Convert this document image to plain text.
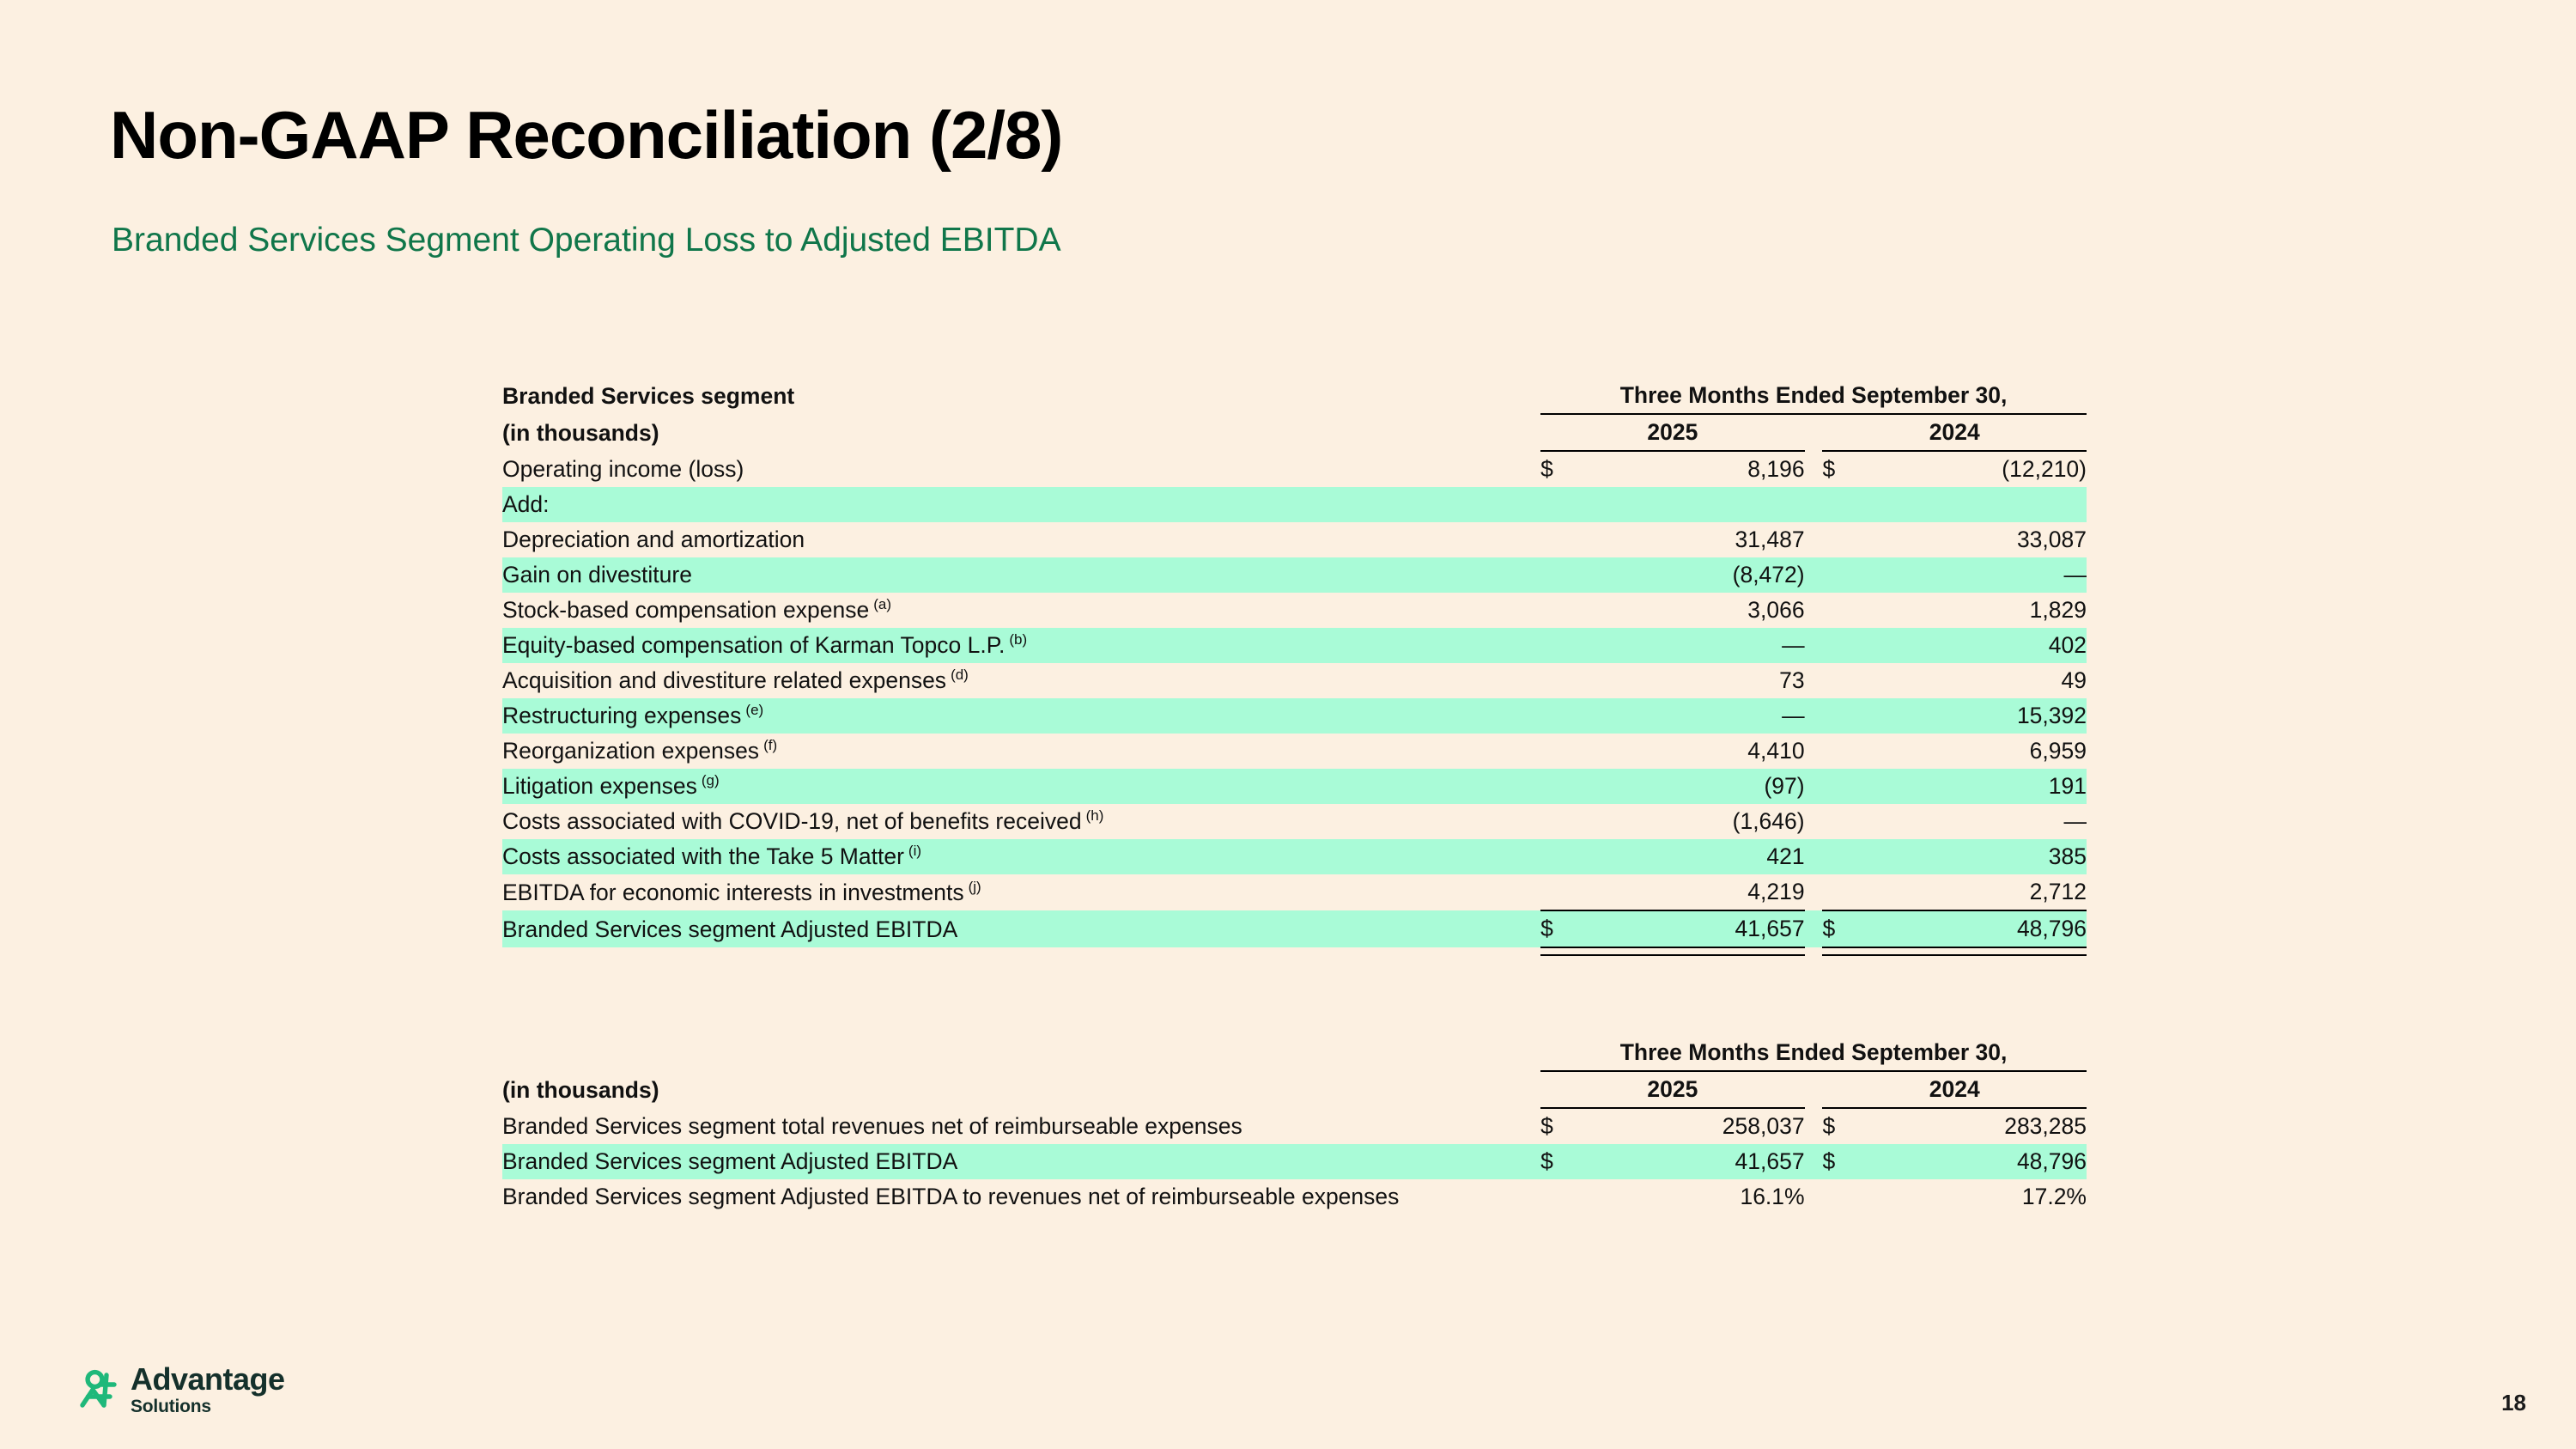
Non-GAAP Reconciliation (2/8)
Branded Services Segment Operating Loss to Adjusted EBITDA
Branded Services segment		Three Months Ended September 30,				
(in thousands)		2025			2024	
Operating income (loss)		$	8,196		$	(12,210)
Add:						
Depreciation and amortization			31,487			33,087
Gain on divestiture			(8,472)			—
Stock-based compensation expense $^{(a)}$			3,066			1,829
Equity-based compensation of Karman Topco L.P. $^{(b)}$			—			402
Acquisition and divestiture related expenses $^{(d)}$			73			49
Restructuring expenses $^{(e)}$			—			15,392
Reorganization expenses $^{(f)}$			4,410			6,959
Litigation expenses $^{(g)}$			(97)			191
Costs associated with COVID-19, net of benefits received $^{(h)}$			(1,646)			—
Costs associated with the Take 5 Matter $^{(i)}$			421			385
EBITDA for economic interests in investments $^{(j)}$			4,219			2,712
Branded Services segment Adjusted EBITDA		$	41,657		$	48,796

		Three Months Ended September 30,				
(in thousands)		2025			2024	
Branded Services segment total revenues net of reimburseable expenses		$	258,037		$	283,285
Branded Services segment Adjusted EBITDA		$	41,657		$	48,796
Branded Services segment Adjusted EBITDA to revenues net of reimburseable expenses			16.1%			17.2%
Advantage
Solutions	18
